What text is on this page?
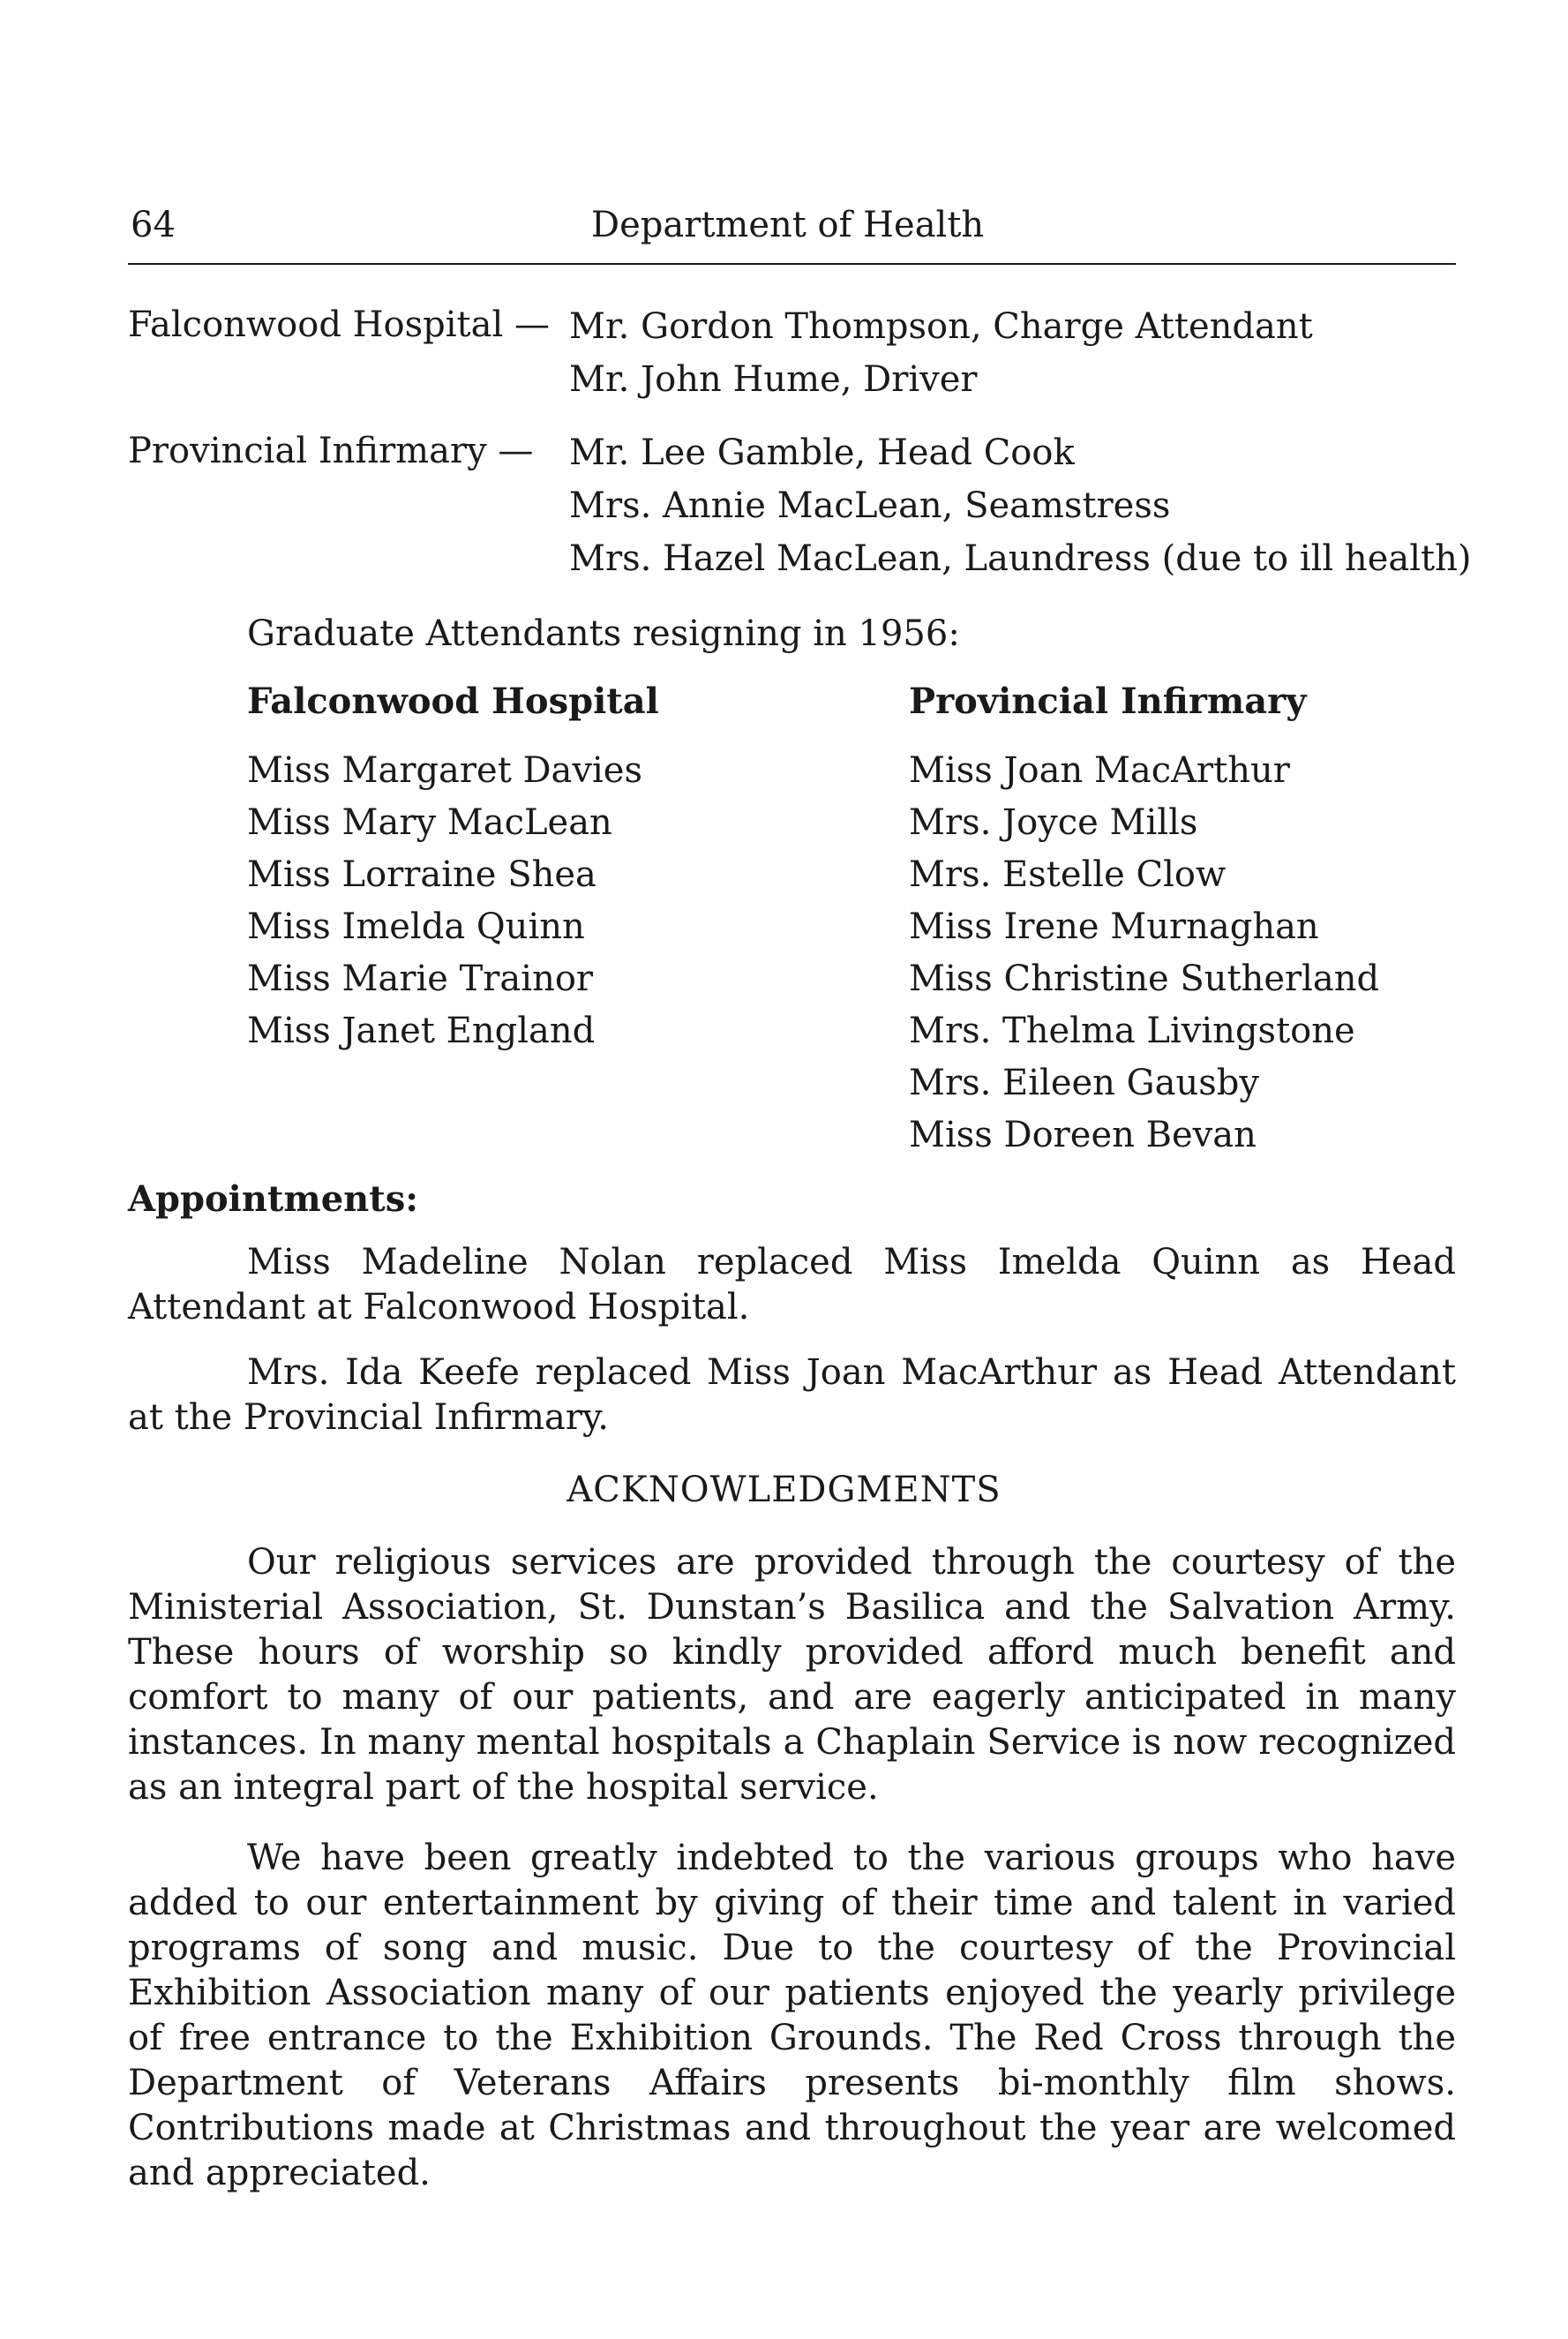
64	Department of Health
Falconwood Hospital — Mr. Gordon Thompson, Charge Attendant
Mr. John Hume, Driver
Provincial Infirmary — Mr. Lee Gamble, Head Cook
Mrs. Annie MacLean, Seamstress
Mrs. Hazel MacLean, Laundress (due to ill health)
Graduate Attendants resigning in 1956:
Falconwood Hospital
Miss Margaret Davies
Miss Mary MacLean
Miss Lorraine Shea
Miss Imelda Quinn
Miss Marie Trainor
Miss Janet England
Provincial Infirmary
Miss Joan MacArthur
Mrs. Joyce Mills
Mrs. Estelle Clow
Miss Irene Murnaghan
Miss Christine Sutherland
Mrs. Thelma Livingstone
Mrs. Eileen Gausby
Miss Doreen Bevan
Appointments:

Miss Madeline Nolan replaced Miss Imelda Quinn as Head Attendant at Falconwood Hospital.

Mrs. Ida Keefe replaced Miss Joan MacArthur as Head Attendant at the Provincial Infirmary.

ACKNOWLEDGMENTS

Our religious services are provided through the courtesy of the Ministerial Association, St. Dunstan’s Basilica and the Salvation Army. These hours of worship so kindly provided afford much benefit and comfort to many of our patients, and are eagerly anticipated in many instances. In many mental hospitals a Chaplain Service is now recognized as an integral part of the hospital service.

We have been greatly indebted to the various groups who have added to our entertainment by giving of their time and talent in varied programs of song and music. Due to the courtesy of the Provincial Exhibition Association many of our patients enjoyed the yearly privilege of free entrance to the Exhibition Grounds. The Red Cross through the Department of Veterans Affairs presents bi-monthly film shows. Contributions made at Christmas and throughout the year are welcomed and appreciated.
